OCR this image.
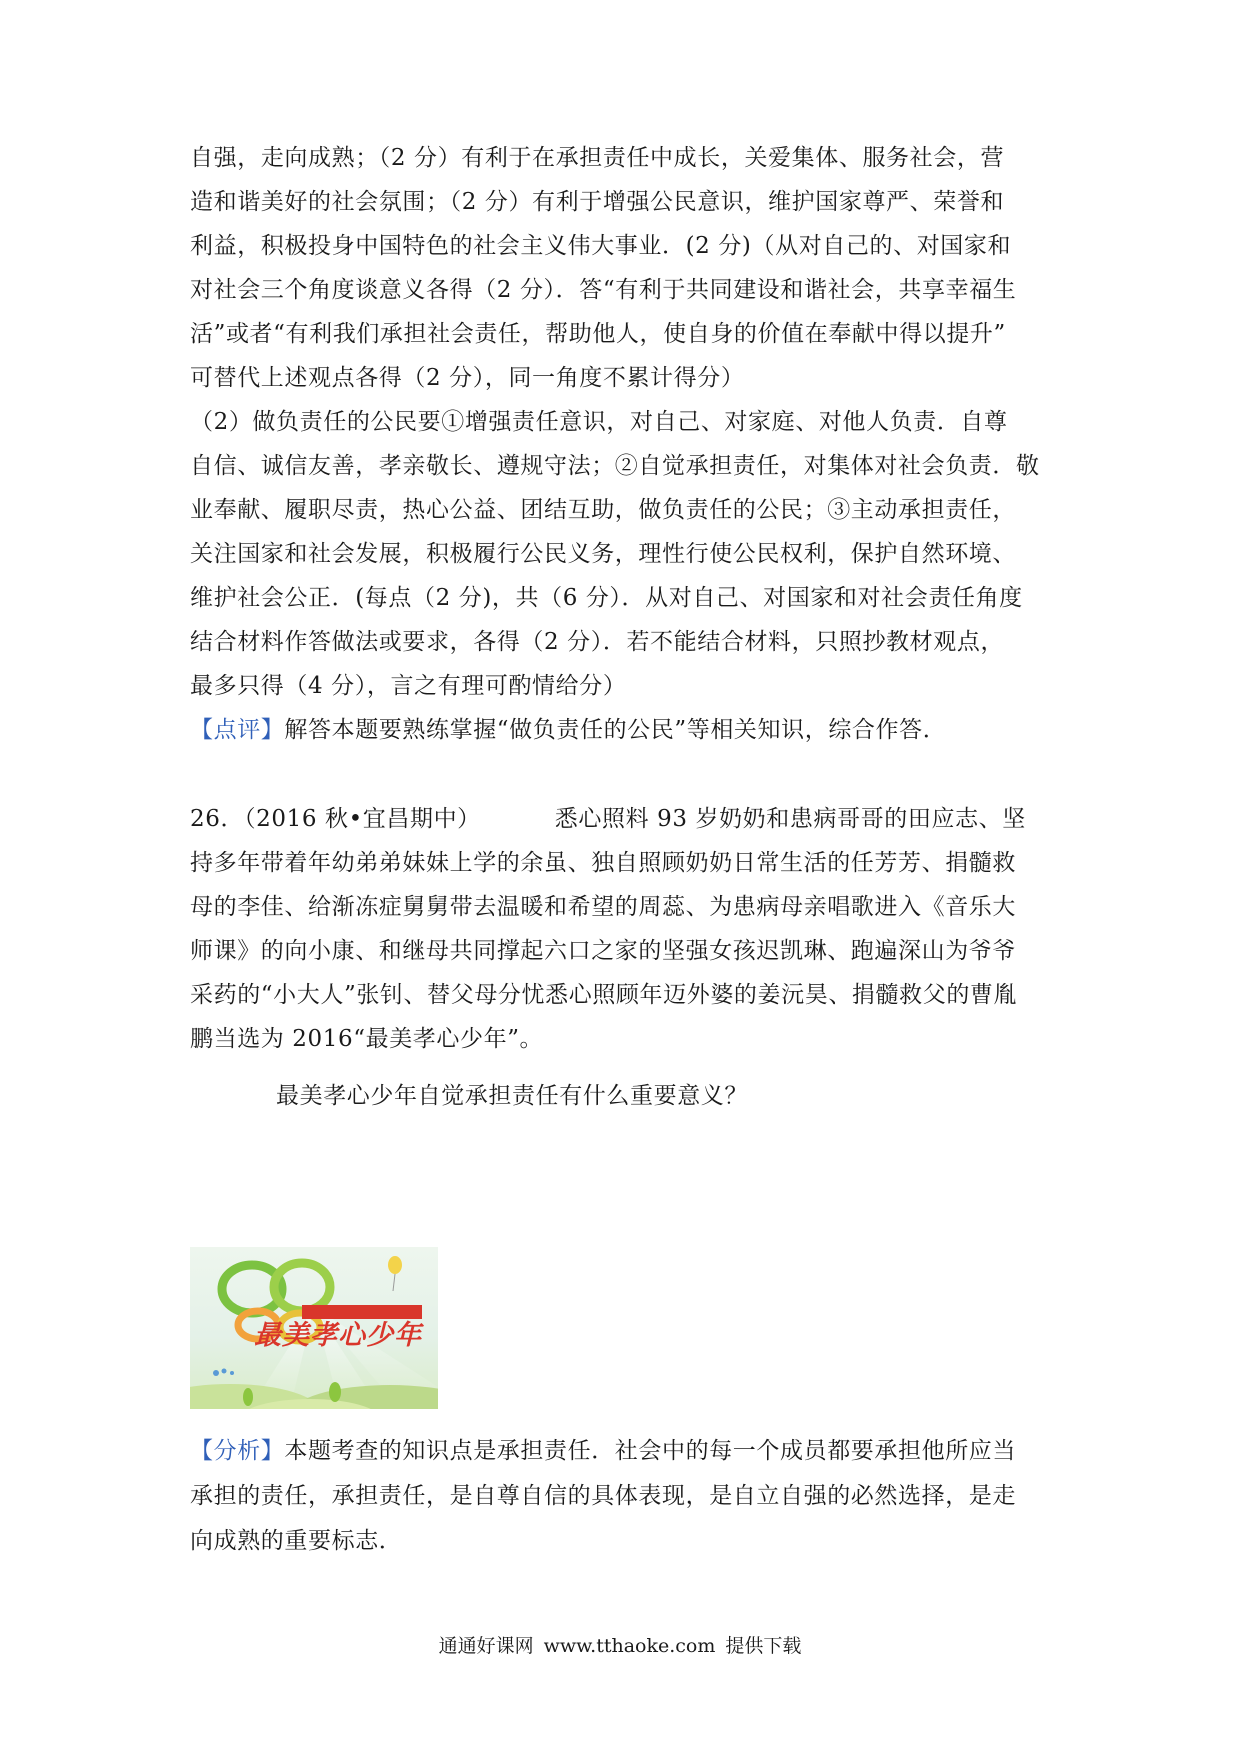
自强，走向成熟；（2 分）有利于在承担责任中成长，关爱集体、服务社会，营
造和谐美好的社会氛围；（2 分）有利于增强公民意识，维护国家尊严、荣誉和
利益，积极投身中国特色的社会主义伟大事业．(2 分)（从对自己的、对国家和
对社会三个角度谈意义各得（2 分）．答“有利于共同建设和谐社会，共享幸福生
活”或者“有利我们承担社会责任，帮助他人，使自身的价值在奉献中得以提升”
可替代上述观点各得（2 分），同一角度不累计得分）
（2）做负责任的公民要①增强责任意识，对自己、对家庭、对他人负责．自尊
自信、诚信友善，孝亲敬长、遵规守法；②自觉承担责任，对集体对社会负责．敬
业奉献、履职尽责，热心公益、团结互助，做负责任的公民；③主动承担责任，
关注国家和社会发展，积极履行公民义务，理性行使公民权利，保护自然环境、
维护社会公正．(每点（2 分)，共（6 分）．从对自己、对国家和对社会责任角度
结合材料作答做法或要求，各得（2 分）．若不能结合材料，只照抄教材观点，
最多只得（4 分），言之有理可酌情给分）
【点评】解答本题要熟练掌握“做负责任的公民”等相关知识，综合作答．
26．（2016 秋•宜昌期中）	悉心照料 93 岁奶奶和患病哥哥的田应志、坚
持多年带着年幼弟弟妹妹上学的余虽、独自照顾奶奶日常生活的任芳芳、捐髓救
母的李佳、给渐冻症舅舅带去温暖和希望的周蕊、为患病母亲唱歌进入《音乐大
师课》的向小康、和继母共同撑起六口之家的坚强女孩迟凯琳、跑遍深山为爷爷
采药的“小大人”张钊、替父母分忧悉心照顾年迈外婆的姜沅昊、捐髓救父的曹胤
鹏当选为 2016“最美孝心少年”。
最美孝心少年自觉承担责任有什么重要意义？
最美孝心少年
【分析】本题考查的知识点是承担责任．社会中的每一个成员都要承担他所应当
承担的责任，承担责任，是自尊自信的具体表现，是自立自强的必然选择，是走
向成熟的重要标志．
通通好课网 www.tthaoke.com 提供下载
